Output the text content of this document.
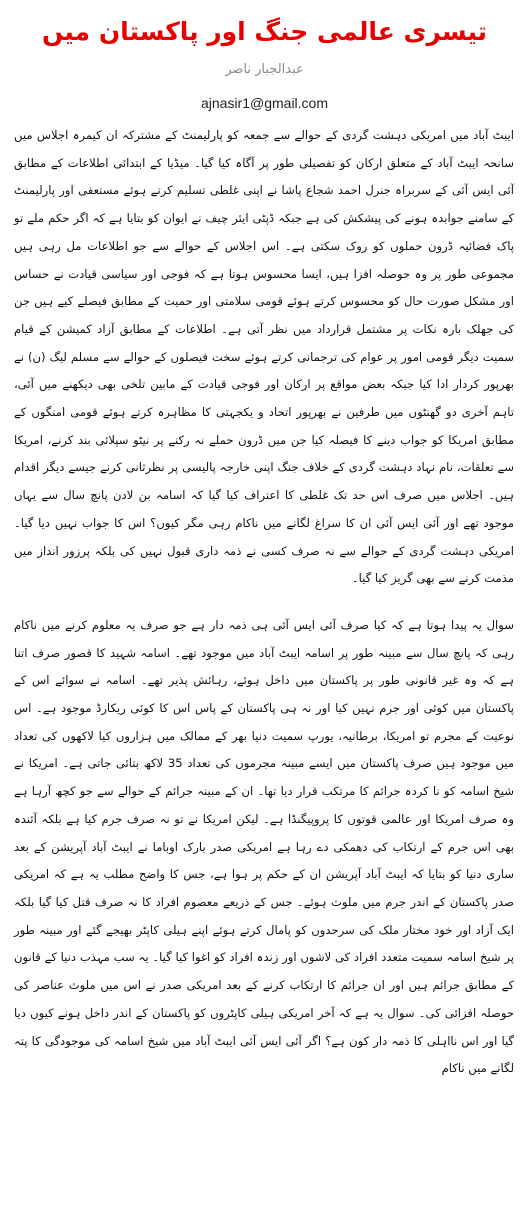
تیسری عالمی جنگ اور پاکستان میں
عبدالجبار ناصر
ajnasir1@gmail.com

ایبٹ آباد میں امریکی دہشت گردی کے حوالے سے جمعہ کو پارلیمنٹ کے مشترکہ ان کیمرہ اجلاس میں سانحہ ایبٹ آباد کے متعلق ارکان کو تفصیلی طور پر آگاہ کیا گیا۔ میڈیا کے ابتدائی اطلاعات کے مطابق آئی ایس آئی کے سربراہ جنرل احمد شجاع پاشا نے اپنی غلطی تسلیم کرتے ہوئے مستعفی اور پارلیمنٹ کے سامنے جوابدہ ہونے کی پیشکش کی ہے جبکہ ڈپٹی ایئر چیف نے ایوان کو بتایا ہے کہ اگر حکم ملے تو پاک فضائیہ ڈرون حملوں کو روک سکتی ہے۔ اس اجلاس کے حوالے سے جو اطلاعات مل رہی ہیں مجموعی طور پر وہ حوصلہ افزا ہیں، ایسا محسوس ہوتا ہے کہ فوجی اور سیاسی قیادت نے حساس اور مشکل صورت حال کو محسوس کرتے ہوئے قومی سلامتی اور حمیت کے مطابق فیصلے کیے ہیں جن کی جھلک بارہ نکات پر مشتمل قرارداد میں نظر آتی ہے۔ اطلاعات کے مطابق آزاد کمیشن کے قیام سمیت دیگر قومی امور پر عوام کی ترجمانی کرتے ہوئے سخت فیصلوں کے حوالے سے مسلم لیگ (ن) نے بھرپور کردار ادا کیا جبکہ بعض مواقع پر ارکان اور فوجی قیادت کے مابین تلخی بھی دیکھنے میں آئی، تاہم آخری دو گھنٹوں میں طرفین نے بھرپور اتحاد و یکجہتی کا مظاہرہ کرتے ہوئے قومی امنگوں کے مطابق امریکا کو جواب دینے کا فیصلہ کیا جن میں ڈرون حملے نہ رکنے پر نیٹو سپلائی بند کرنے، امریکا سے تعلقات، نام نہاد دہشت گردی کے خلاف جنگ اپنی خارجہ پالیسی پر نظرثانی کرنے جیسے دیگر اقدام ہیں۔ اجلاس میں صرف اس حد تک غلطی کا اعتراف کیا گیا کہ اسامہ بن لادن پانچ سال سے یہاں موجود تھے اور آئی ایس آئی ان کا سراغ لگانے میں ناکام رہی مگر کیوں؟ اس کا جواب نہیں دیا گیا۔ امریکی دہشت گردی کے حوالے سے نہ صرف کسی نے ذمہ داری قبول نہیں کی بلکہ پرزور انداز میں مذمت کرنے سے بھی گریز کیا گیا۔

سوال یہ پیدا ہوتا ہے کہ کیا صرف آئی ایس آئی ہی ذمہ دار ہے جو صرف یہ معلوم کرنے میں ناکام رہی کہ پانچ سال سے مبینہ طور پر اسامہ ایبٹ آباد میں موجود تھے۔ اسامہ شہید کا قصور صرف اتنا ہے کہ وہ غیر قانونی طور پر پاکستان میں داخل ہوئے، رہائش پذیر تھے۔ اسامہ نے سوائے اس کے پاکستان میں کوئی اور جرم نہیں کیا اور نہ ہی پاکستان کے پاس اس کا کوئی ریکارڈ موجود ہے۔ اس نوعیت کے مجرم تو امریکا، برطانیہ، یورپ سمیت دنیا بھر کے ممالک میں ہزاروں کیا لاکھوں کی تعداد میں موجود ہیں صرف پاکستان میں ایسے مبینہ مجرموں کی تعداد 35 لاکھ بتائی جاتی ہے۔ امریکا نے شیخ اسامہ کو نا کردہ جرائم کا مرتکب قرار دیا تھا۔ ان کے مبینہ جرائم کے حوالے سے جو کچھ آرہا ہے وہ صرف امریکا اور عالمی قوتوں کا پروپیگنڈا ہے۔ لیکن امریکا نے تو نہ صرف جرم کیا ہے بلکہ آئندہ بھی اس جرم کے ارتکاب کی دھمکی دے رہا ہے امریکی صدر بارک اوباما نے ایبٹ آباد آپریشن کے بعد ساری دنیا کو بتایا کہ ایبٹ آباد آپریشن ان کے حکم پر ہوا ہے، جس کا واضح مطلب یہ ہے کہ امریکی صدر پاکستان کے اندر جرم میں ملوث ہوئے۔ جس کے ذریعے معصوم افراد کا نہ صرف قتل کیا گیا بلکہ ایک آزاد اور خود مختار ملک کی سرحدوں کو پامال کرتے ہوئے اپنے ہیلی کاپٹر بھیجے گئے اور مبینہ طور پر شیخ اسامہ سمیت متعدد افراد کی لاشوں اور زندہ افراد کو اغوا کیا گیا۔ یہ سب مہذب دنیا کے قانون کے مطابق جرائم ہیں اور ان جرائم کا ارتکاب کرنے کے بعد امریکی صدر نے اس میں ملوث عناصر کی حوصلہ افزائی کی۔ سوال یہ ہے کہ آخر امریکی ہیلی کاپٹروں کو پاکستان کے اندر داخل ہونے کیوں دیا گیا اور اس نااہلی کا ذمہ دار کون ہے؟ اگر آئی ایس آئی ایبٹ آباد میں شیخ اسامہ کی موجودگی کا پتہ لگانے میں ناکام
